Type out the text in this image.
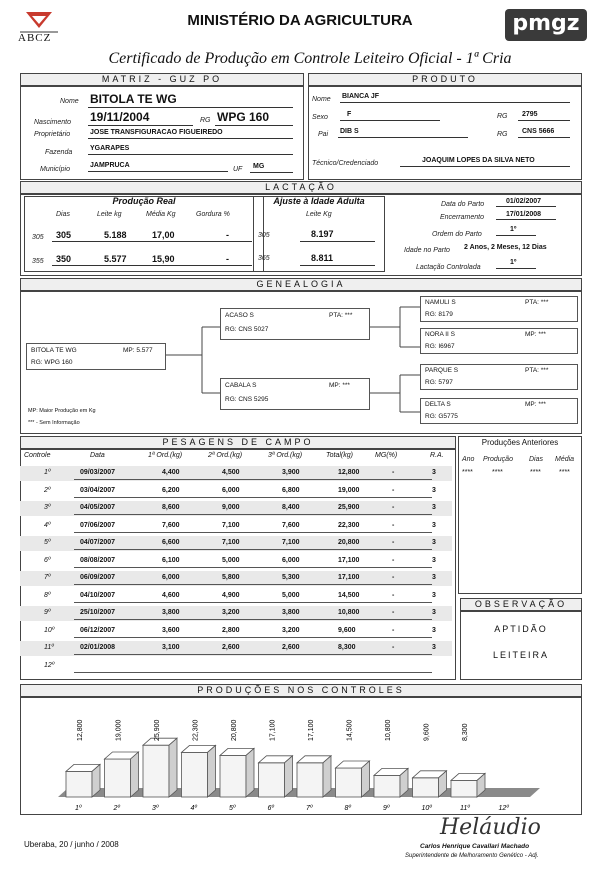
ABCZ
MINISTÉRIO DA AGRICULTURA	pmgz
Certificado de Produção em Controle Leiteiro Oficial - 1ª Cria
MATRIZ - GUZ PO
Nome BITOLA TE WG
Nascimento 19/11/2004	RG WPG 160
Proprietário	JOSE TRANSFIGURACAO FIGUEIREDO
Fazenda
YGARAPES
Município
JAMPRUCA
UF MG
PRODUTO
Nome BIANCA JF
Sexo	F	RG 2795
Pai DIB S	RG CNS 5666
Técnico/Credenciado	JOAQUIM LOPES DA SILVA NETO
LACTAÇÃO
Produção Real
Dias	Leite kg	Média Kg	Gordura %
305 305	5.188	17,00	-
355 350	5.577	15,90	-
Ajuste à Idade Adulta
Leite Kg
305	8.197
365	8.811
Data do Parto	01/02/2007
Encerramento	17/01/2008
Ordem do Parto
1º
Idade no Parto 2 Anos, 2 Meses, 12 Dias
Lactação Controlada
1º
GENEALOGIA
BITOLA TE WG	MP: 5.577
RG: WPG 160
ACASO S	PTA: ***
RG: CNS 5027
CABALA S	MP: ***
RG: CNS 5295
NAMULI S	PTA: ***
RG: 8179
NORA II S	MP: ***
RG: I6967
PARQUE S	PTA: ***
RG: 5797
DELTA S	MP: ***
RG: G5775
MP: Maior Produção em Kg
*** - Sem Informação
PESAGENS DE CAMPO
Controle	Data	1ª Ord.(kg)	2ª Ord.(kg)	3ª Ord.(kg)	Total(kg)	MG(%)	R.A.
1º	09/03/2007	4,400	4,500	3,900	12,800	-	3
2º	03/04/2007	6,200	6,000	6,800	19,000	-	3
3º	04/05/2007	8,600	9,000	8,400	25,900	-	3
4º	07/06/2007	7,600	7,100	7,600	22,300	-	3
5º	04/07/2007	6,600	7,100	7,100	20,800	-	3
6º	08/08/2007	6,100	5,000	6,000	17,100	-	3
7º	06/09/2007	6,000	5,800	5,300	17,100	-	3
8º	04/10/2007	4,600	4,900	5,000	14,500	-	3
9º	25/10/2007	3,800	3,200	3,800	10,800	-	3
10º	06/12/2007	3,600	2,800	3,200	9,600	-	3
11º	02/01/2008	3,100	2,600	2,600	8,300	-	3
12º
Produções Anteriores
Ano Produção Dias Média
****	****	****	****
OBSERVAÇÃO
APTIDÃO
LEITEIRA
PRODUÇÕES NOS CONTROLES
12,800
1º
19,000
2º
25,900
3º
22,300
4º
20,800
5º
17,100
6º
17,100
7º
14,500
8º
10,800
9º
9,600
10º
8,300
11º	12º
Uberaba, 20 / junho / 2008
Heláudio
Carlos Henrique Cavallari Machado
Superintendente de Melhoramento Genético - Adj.
